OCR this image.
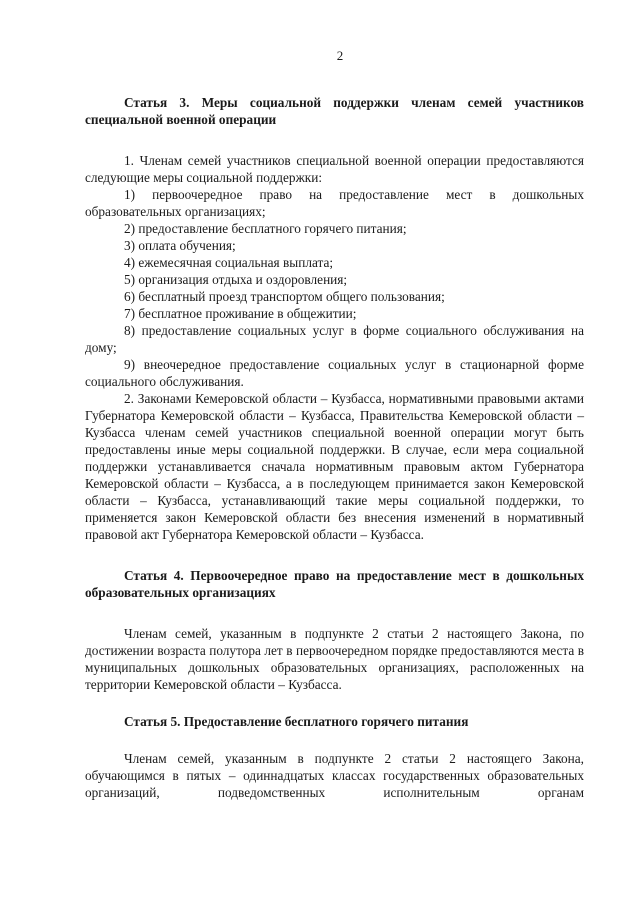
2

Статья 3. Меры социальной поддержки членам семей участников специальной военной операции

1. Членам семей участников специальной военной операции предоставляются следующие меры социальной поддержки:

1) первоочередное право на предоставление мест в дошкольных образовательных организациях;

2) предоставление бесплатного горячего питания;

3) оплата обучения;

4) ежемесячная социальная выплата;

5) организация отдыха и оздоровления;

6) бесплатный проезд транспортом общего пользования;

7) бесплатное проживание в общежитии;

8) предоставление социальных услуг в форме социального обслуживания на дому;

9) внеочередное предоставление социальных услуг в стационарной форме социального обслуживания.

2. Законами Кемеровской области – Кузбасса, нормативными правовыми актами Губернатора Кемеровской области – Кузбасса, Правительства Кемеровской области – Кузбасса членам семей участников специальной военной операции могут быть предоставлены иные меры социальной поддержки. В случае, если мера социальной поддержки устанавливается сначала нормативным правовым актом Губернатора Кемеровской области – Кузбасса, а в последующем принимается закон Кемеровской области – Кузбасса, устанавливающий такие меры социальной поддержки, то применяется закон Кемеровской области без внесения изменений в нормативный правовой акт Губернатора Кемеровской области – Кузбасса.

Статья 4. Первоочередное право на предоставление мест в дошкольных образовательных организациях

Членам семей, указанным в подпункте 2 статьи 2 настоящего Закона, по достижении возраста полутора лет в первоочередном порядке предоставляются места в муниципальных дошкольных образовательных организациях, расположенных на территории Кемеровской области – Кузбасса.

Статья 5. Предоставление бесплатного горячего питания

Членам семей, указанным в подпункте 2 статьи 2 настоящего Закона, обучающимся в пятых – одиннадцатых классах государственных образовательных организаций, подведомственных исполнительным органам
